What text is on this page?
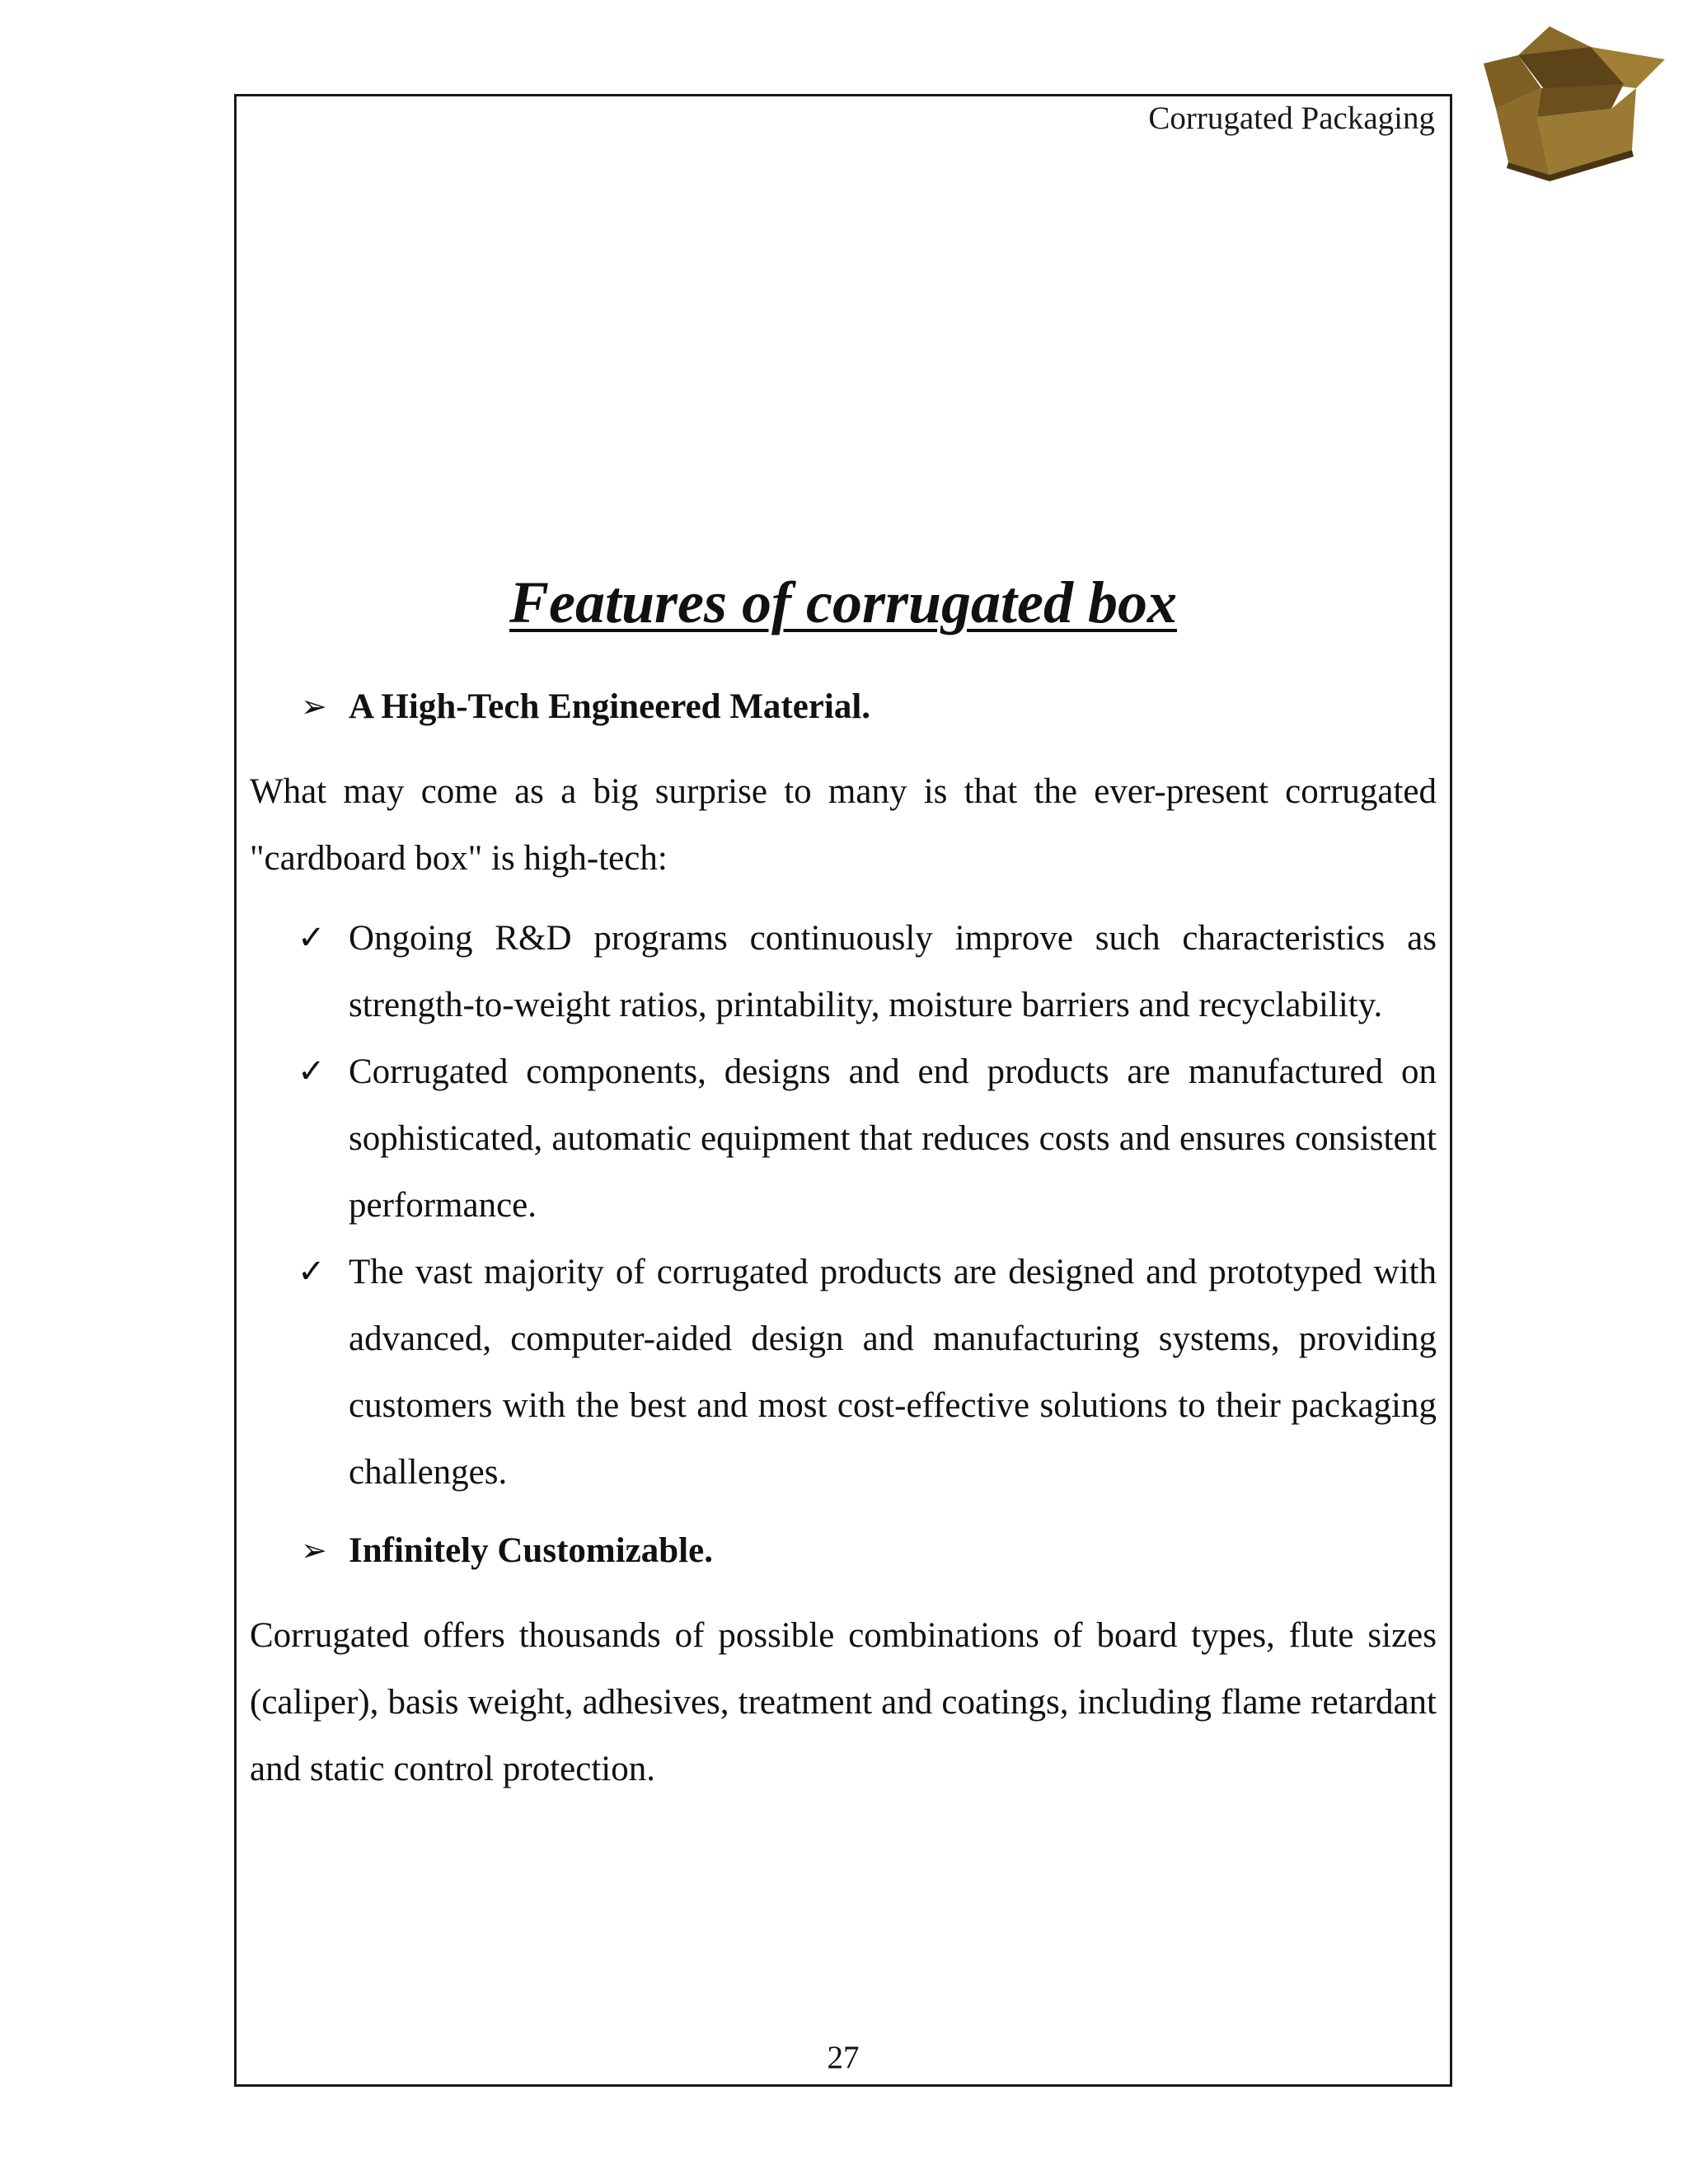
Corrugated Packaging
Features of corrugated box

➢ A High-Tech Engineered Material.

What may come as a big surprise to many is that the ever-present corrugated "cardboard box" is high-tech:

✓ Ongoing R&D programs continuously improve such characteristics as strength-to-weight ratios, printability, moisture barriers and recyclability.
✓ Corrugated components, designs and end products are manufactured on sophisticated, automatic equipment that reduces costs and ensures consistent performance.
✓ The vast majority of corrugated products are designed and prototyped with advanced, computer-aided design and manufacturing systems, providing customers with the best and most cost-effective solutions to their packaging challenges.

➢ Infinitely Customizable.

Corrugated offers thousands of possible combinations of board types, flute sizes (caliper), basis weight, adhesives, treatment and coatings, including flame retardant and static control protection.

27
